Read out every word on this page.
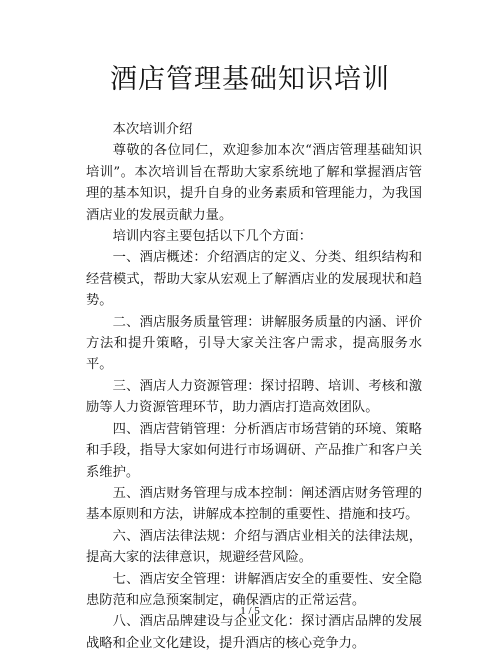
酒店管理基础知识培训

本次培训介绍

尊敬的各位同仁，欢迎参加本次“酒店管理基础知识培训”。本次培训旨在帮助大家系统地了解和掌握酒店管理的基本知识，提升自身的业务素质和管理能力，为我国酒店业的发展贡献力量。

培训内容主要包括以下几个方面：

一、酒店概述：介绍酒店的定义、分类、组织结构和经营模式，帮助大家从宏观上了解酒店业的发展现状和趋势。

二、酒店服务质量管理：讲解服务质量的内涵、评价方法和提升策略，引导大家关注客户需求，提高服务水平。

三、酒店人力资源管理：探讨招聘、培训、考核和激励等人力资源管理环节，助力酒店打造高效团队。

四、酒店营销管理：分析酒店市场营销的环境、策略和手段，指导大家如何进行市场调研、产品推广和客户关系维护。

五、酒店财务管理与成本控制：阐述酒店财务管理的基本原则和方法，讲解成本控制的重要性、措施和技巧。

六、酒店法律法规：介绍与酒店业相关的法律法规，提高大家的法律意识，规避经营风险。

七、酒店安全管理：讲解酒店安全的重要性、安全隐患防范和应急预案制定，确保酒店的正常运营。

八、酒店品牌建设与企业文化：探讨酒店品牌的发展战略和企业文化建设，提升酒店的核心竞争力。

1 / 5
